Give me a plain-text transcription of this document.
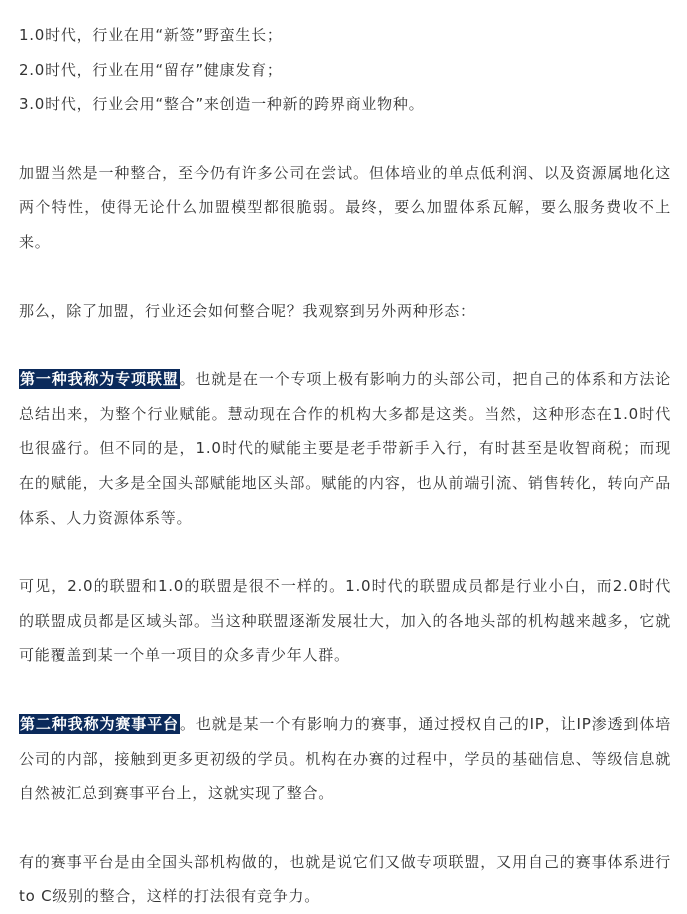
1.0时代，行业在用“新签”野蛮生长；

2.0时代，行业在用“留存”健康发育；

3.0时代，行业会用“整合”来创造一种新的跨界商业物种。

加盟当然是一种整合，至今仍有许多公司在尝试。但体培业的单点低利润、以及资源属地化这两个特性，使得无论什么加盟模型都很脆弱。最终，要么加盟体系瓦解，要么服务费收不上来。

那么，除了加盟，行业还会如何整合呢？我观察到另外两种形态：

第一种我称为专项联盟。也就是在一个专项上极有影响力的头部公司，把自己的体系和方法论总结出来，为整个行业赋能。慧动现在合作的机构大多都是这类。当然，这种形态在1.0时代也很盛行。但不同的是，1.0时代的赋能主要是老手带新手入行，有时甚至是收智商税；而现在的赋能，大多是全国头部赋能地区头部。赋能的内容，也从前端引流、销售转化，转向产品体系、人力资源体系等。

可见，2.0的联盟和1.0的联盟是很不一样的。1.0时代的联盟成员都是行业小白，而2.0时代的联盟成员都是区域头部。当这种联盟逐渐发展壮大，加入的各地头部的机构越来越多，它就可能覆盖到某一个单一项目的众多青少年人群。

第二种我称为赛事平台。也就是某一个有影响力的赛事，通过授权自己的IP，让IP渗透到体培公司的内部，接触到更多更初级的学员。机构在办赛的过程中，学员的基础信息、等级信息就自然被汇总到赛事平台上，这就实现了整合。

有的赛事平台是由全国头部机构做的，也就是说它们又做专项联盟，又用自己的赛事体系进行to C级别的整合，这样的打法很有竞争力。
